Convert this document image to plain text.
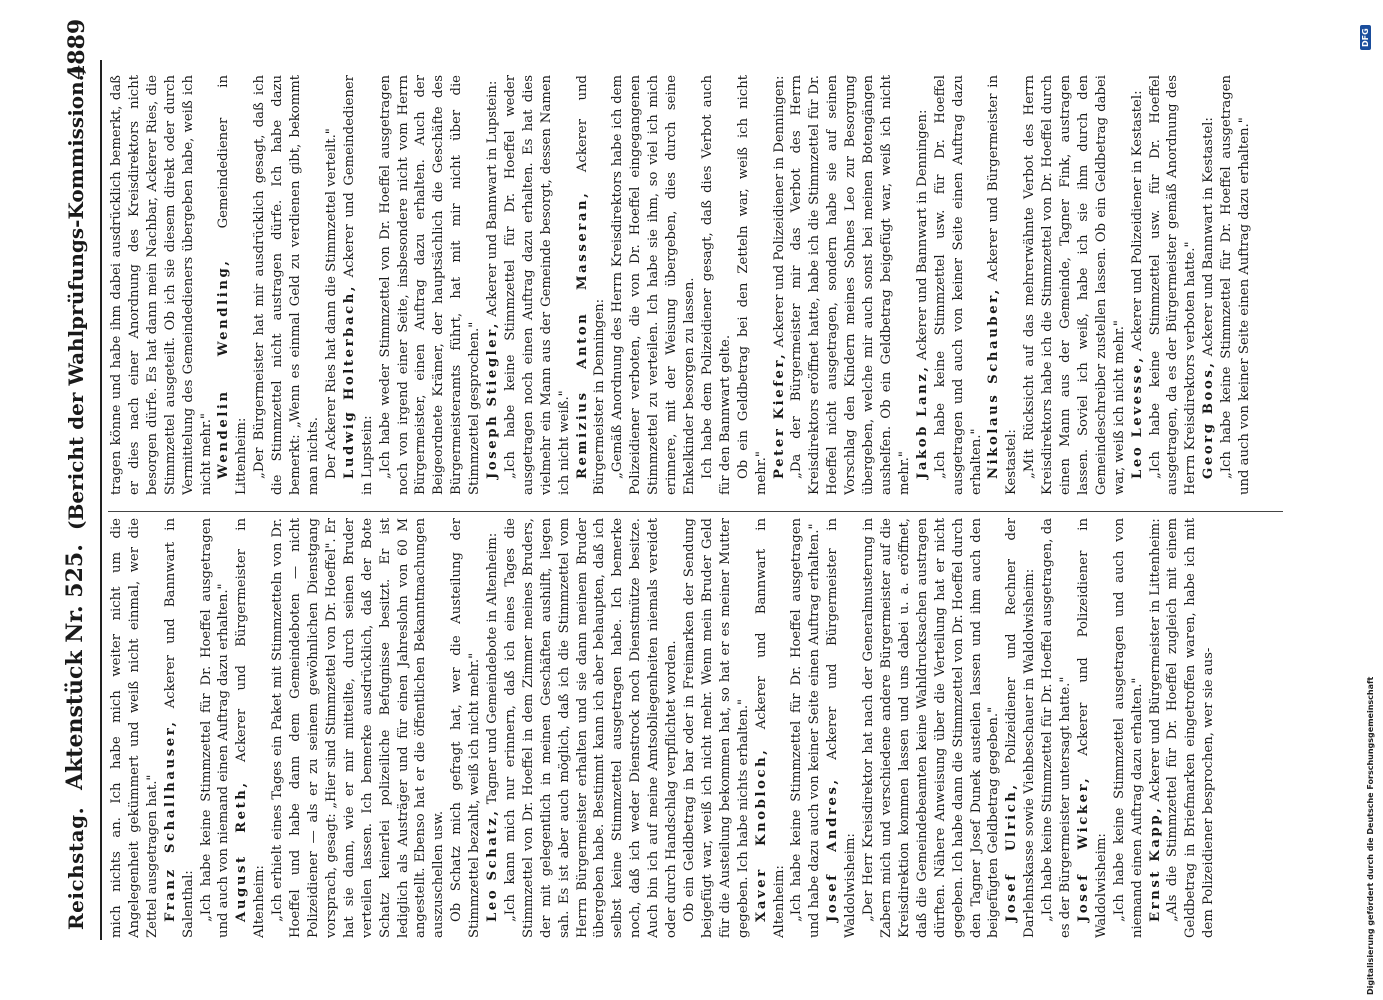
Reichstag.
Aktenstück Nr. 525.
(Bericht der Wahlprüfungs-Kommission.)
4889

mich nichts an. Ich habe mich weiter nicht um die Angelegenheit gekümmert und weiß nicht einmal, wer die Zettel ausgetragen hat." Franz Schallhauser, Ackerer und Bannwart in Salenthal: „Ich habe keine Stimmzettel für Dr. Hoeffel ausgetragen und auch von niemand einen Auftrag dazu erhalten." August Reth, Ackerer und Bürgermeister in Altenheim: „Ich erhielt eines Tages ein Paket mit Stimmzetteln von Dr. Hoeffel und habe dann dem Gemeindeboten — nicht Polizeidiener — als er zu seinem gewöhnlichen Dienstgang vorsprach, gesagt: „Hier sind Stimmzettel von Dr. Hoeffel". Er hat sie dann, wie er mir mitteilte, durch seinen Bruder verteilen lassen. Ich bemerke ausdrücklich, daß der Bote Schatz keinerlei polizeiliche Befugnisse besitzt. Er ist lediglich als Austräger und für einen Jahreslohn von 60 M angestellt. Ebenso hat er die öffentlichen Bekanntmachungen auszuschellen usw. Ob Schatz mich gefragt hat, wer die Austeilung der Stimmzettel bezahlt, weiß ich nicht mehr." Leo Schatz, Tagner und Gemeindebote in Altenheim: „Ich kann mich nur erinnern, daß ich eines Tages die Stimmzettel von Dr. Hoeffel in dem Zimmer meines Bruders, der mit gelegentlich in meinen Geschäften aushilft, liegen sah. Es ist aber auch möglich, daß ich die Stimmzettel vom Herrn Bürgermeister erhalten und sie dann meinem Bruder übergeben habe. Bestimmt kann ich aber behaupten, daß ich selbst keine Stimmzettel ausgetragen habe. Ich bemerke noch, daß ich weder Dienstrock noch Dienstmütze besitze. Auch bin ich auf meine Amtsobliegenheiten niemals vereidet oder durch Handschlag verpflichtet worden. Ob ein Geldbetrag in bar oder in Freimarken der Sendung beigefügt war, weiß ich nicht mehr. Wenn mein Bruder Geld für die Austeilung bekommen hat, so hat er es meiner Mutter gegeben. Ich habe nichts erhalten." Xaver Knobloch, Ackerer und Bannwart in Altenheim: „Ich habe keine Stimmzettel für Dr. Hoeffel ausgetragen und habe dazu auch von keiner Seite einen Auftrag erhalten." Josef Andres, Ackerer und Bürgermeister in Waldolwisheim: „Der Herr Kreisdirektor hat nach der Generalmusterung in Zabern mich und verschiedene andere Bürgermeister auf die Kreisdirektion kommen lassen und uns dabei u. a. eröffnet, daß die Gemeindebeamten keine Wahldrucksachen austragen dürften. Nähere Anweisung über die Verteilung hat er nicht gegeben. Ich habe dann die Stimmzettel von Dr. Hoeffel durch den Tagner Josef Dunek austeilen lassen und ihm auch den beigefügten Geldbetrag gegeben." Josef Ulrich, Polizeidiener und Rechner der Darlehnskasse sowie Viehbeschauer in Waldolwisheim: „Ich habe keine Stimmzettel für Dr. Hoeffel ausgetragen, da es der Bürgermeister untersagt hatte." Josef Wicker, Ackerer und Polizeidiener in Waldolwisheim: „Ich habe keine Stimmzettel ausgetragen und auch von niemand einen Auftrag dazu erhalten." Ernst Kapp, Ackerer und Bürgermeister in Littenheim: „Als die Stimmzettel für Dr. Hoeffel zugleich mit einem Geldbetrag in Briefmarken eingetroffen waren, habe ich mit dem Polizeidiener besprochen, wer sie aus-

tragen könne und habe ihm dabei ausdrücklich bemerkt, daß er dies nach einer Anordnung des Kreisdirektors nicht besorgen dürfe. Es hat dann mein Nachbar, Ackerer Ries, die Stimmzettel ausgeteilt. Ob ich sie diesem direkt oder durch Vermittelung des Gemeindedieners übergeben habe, weiß ich nicht mehr." Wendelin Wendling, Gemeindediener in Littenheim: „Der Bürgermeister hat mir ausdrücklich gesagt, daß ich die Stimmzettel nicht austragen dürfe. Ich habe dazu bemerkt: „Wenn es einmal Geld zu verdienen gibt, bekommt man nichts. Der Ackerer Ries hat dann die Stimmzettel verteilt." Ludwig Holterbach, Ackerer und Gemeindediener in Lupstein: „Ich habe weder Stimmzettel von Dr. Hoeffel ausgetragen noch von irgend einer Seite, insbesondere nicht vom Herrn Bürgermeister, einen Auftrag dazu erhalten. Auch der Beigeordnete Krämer, der hauptsächlich die Geschäfte des Bürgermeisteramts führt, hat mit mir nicht über die Stimmzettel gesprochen." Joseph Stiegler, Ackerer und Bannwart in Lupstein: „Ich habe keine Stimmzettel für Dr. Hoeffel weder ausgetragen noch einen Auftrag dazu erhalten. Es hat dies vielmehr ein Mann aus der Gemeinde besorgt, dessen Namen ich nicht weiß." Remizius Anton Masseran, Ackerer und Bürgermeister in Denningen: „Gemäß Anordnung des Herrn Kreisdirektors habe ich dem Polizeidiener verboten, die von Dr. Hoeffel eingegangenen Stimmzettel zu verteilen. Ich habe sie ihm, so viel ich mich erinnere, mit der Weisung übergeben, dies durch seine Enkelkinder besorgen zu lassen. Ich habe dem Polizeidiener gesagt, daß dies Verbot auch für den Bannwart gelte. Ob ein Geldbetrag bei den Zetteln war, weiß ich nicht mehr." Peter Kiefer, Ackerer und Polizeidiener in Denningen: „Da der Bürgermeister mir das Verbot des Herrn Kreisdirektors eröffnet hatte, habe ich die Stimmzettel für Dr. Hoeffel nicht ausgetragen, sondern habe sie auf seinen Vorschlag den Kindern meines Sohnes Leo zur Besorgung übergeben, welche mir auch sonst bei meinen Botengängen aushelfen. Ob ein Geldbetrag beigefügt war, weiß ich nicht mehr." Jakob Lanz, Ackerer und Bannwart in Denningen: „Ich habe keine Stimmzettel usw. für Dr. Hoeffel ausgetragen und auch von keiner Seite einen Auftrag dazu erhalten." Nikolaus Schauber, Ackerer und Bürgermeister in Kestastel: „Mit Rücksicht auf das mehrerwähnte Verbot des Herrn Kreisdirektors habe ich die Stimmzettel von Dr. Hoeffel durch einen Mann aus der Gemeinde, Tagner Fink, austragen lassen. Soviel ich weiß, habe ich sie ihm durch den Gemeindeschreiber zustellen lassen. Ob ein Geldbetrag dabei war, weiß ich nicht mehr." Leo Levesse, Ackerer und Polizeidiener in Kestastel: „Ich habe keine Stimmzettel usw. für Dr. Hoeffel ausgetragen, da es der Bürgermeister gemäß Anordnung des Herrn Kreisdirektors verboten hatte." Georg Boos, Ackerer und Bannwart in Kestastel: „Ich habe keine Stimmzettel für Dr. Hoeffel ausgetragen und auch von keiner Seite einen Auftrag dazu erhalten."

Digitalisierung gefördert durch die Deutsche Forschungsgemeinschaft
DFG
